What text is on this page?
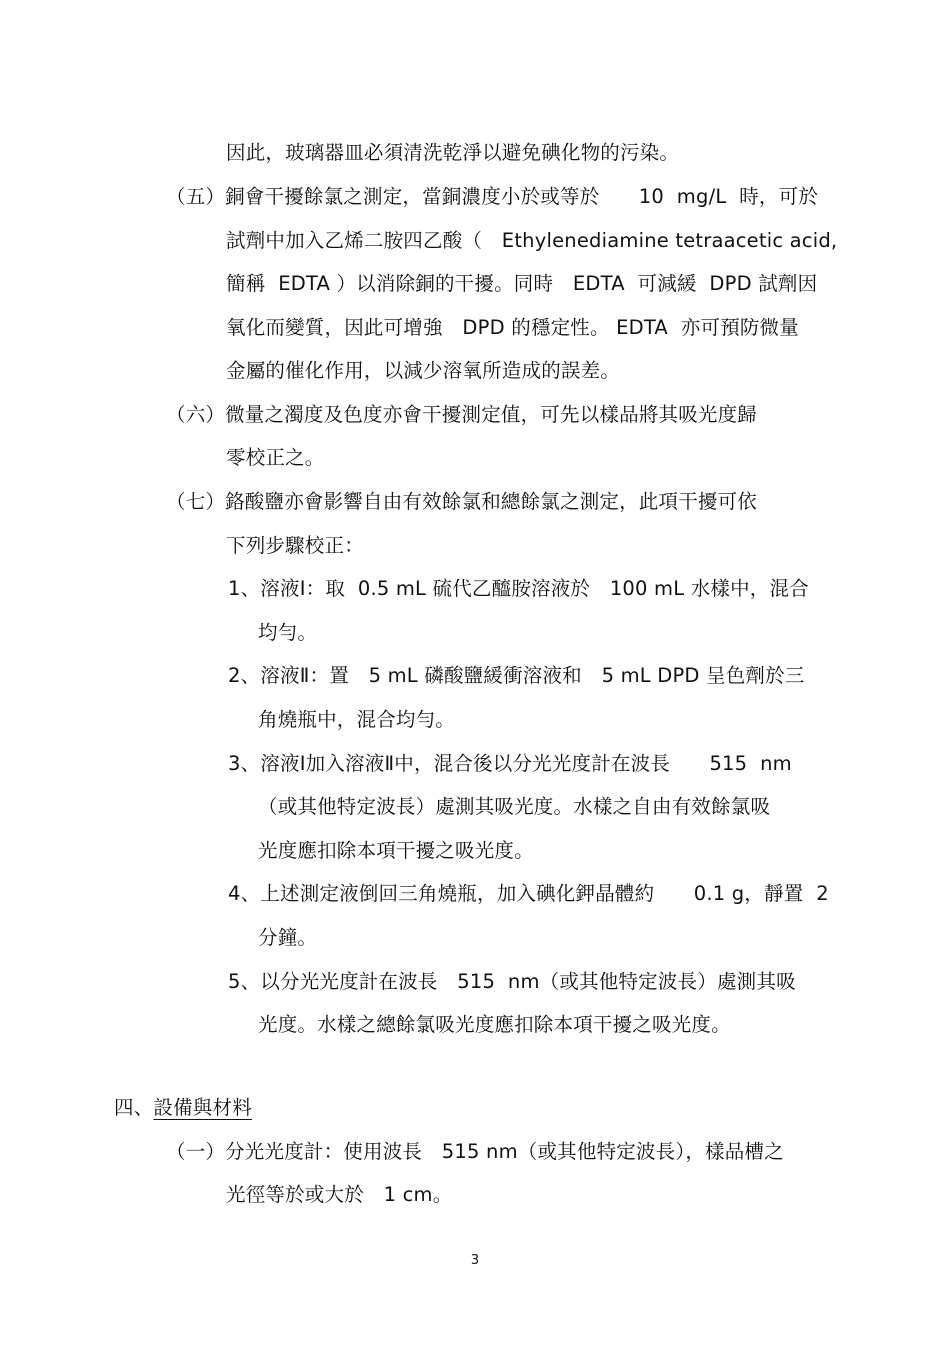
因此，玻璃器皿必須清洗乾淨以避免碘化物的污染。
（五）銅會干擾餘氯之測定，當銅濃度小於或等於　　10  mg/L  時，可於
試劑中加入乙烯二胺四乙酸（　Ethylenediamine tetraacetic acid,
簡稱  EDTA ）以消除銅的干擾。同時　EDTA  可減緩  DPD 試劑因
氧化而變質，因此可增強　DPD 的穩定性。 EDTA  亦可預防微量
金屬的催化作用，以減少溶氧所造成的誤差。
（六）微量之濁度及色度亦會干擾測定值，可先以樣品將其吸光度歸
零校正之。
（七）鉻酸鹽亦會影響自由有效餘氯和總餘氯之測定，此項干擾可依
下列步驟校正：
1、溶液Ⅰ：取  0.5 mL 硫代乙醯胺溶液於　100 mL 水樣中，混合
均勻。
2、溶液Ⅱ：置　5 mL 磷酸鹽緩衝溶液和　5 mL DPD 呈色劑於三
角燒瓶中，混合均勻。
3、溶液Ⅰ加入溶液Ⅱ中，混合後以分光光度計在波長　　515  nm
（或其他特定波長）處測其吸光度。水樣之自由有效餘氯吸
光度應扣除本項干擾之吸光度。
4、上述測定液倒回三角燒瓶，加入碘化鉀晶體約　　0.1 g，靜置  2
分鐘。
5、以分光光度計在波長　515  nm（或其他特定波長）處測其吸
光度。水樣之總餘氯吸光度應扣除本項干擾之吸光度。
四、設備與材料
（一）分光光度計：使用波長　515 nm（或其他特定波長），樣品槽之
光徑等於或大於　1 cm。
3
